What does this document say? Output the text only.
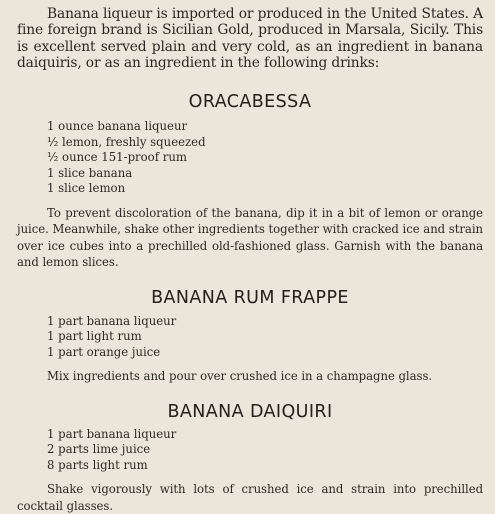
Banana liqueur is imported or produced in the United States. A fine foreign brand is Sicilian Gold, produced in Marsala, Sicily. This is excellent served plain and very cold, as an ingredient in banana daiquiris, or as an ingredient in the following drinks:

ORACABESSA
1 ounce banana liqueur
½ lemon, freshly squeezed
½ ounce 151-proof rum
1 slice banana
1 slice lemon

To prevent discoloration of the banana, dip it in a bit of lemon or orange juice. Meanwhile, shake other ingredients together with cracked ice and strain over ice cubes into a prechilled old-fashioned glass. Garnish with the banana and lemon slices.

BANANA RUM FRAPPE
1 part banana liqueur
1 part light rum
1 part orange juice

Mix ingredients and pour over crushed ice in a champagne glass.

BANANA DAIQUIRI
1 part banana liqueur
2 parts lime juice
8 parts light rum

Shake vigorously with lots of crushed ice and strain into prechilled cocktail glasses.
